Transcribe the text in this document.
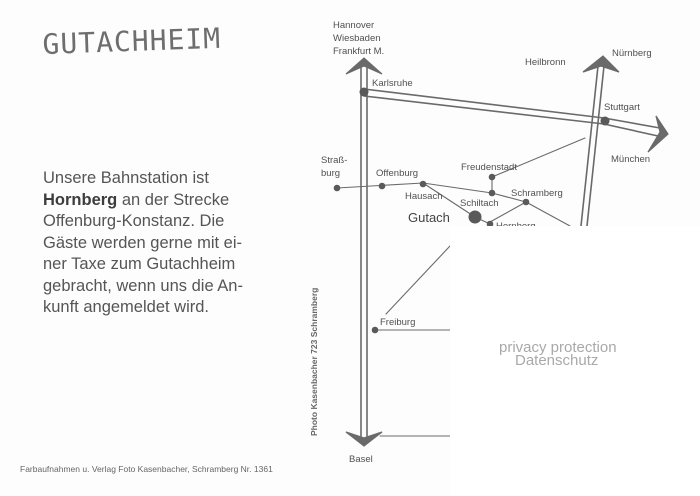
GUTACHHEIM

Unsere Bahnstation ist

Hornberg an der Strecke

Offenburg-Konstanz. Die

Gäste werden gerne mit ei-

ner Taxe zum Gutachheim

gebracht, wenn uns die An-

kunft angemeldet wird.

Hannover
Wiesbaden
Frankfurt M.
Karlsruhe
Heilbronn
Nürnberg
Stuttgart
München
Straß-
burg	Offenburg
Freudenstadt
Hausach	Schramberg
Schiltach
Gutach
Freiburg
Basel
privacy protection
Datenschutz
Photo Kasenbacher 723 Schramberg
Farbaufnahmen u. Verlag Foto Kasenbacher, Schramberg Nr. 1361
